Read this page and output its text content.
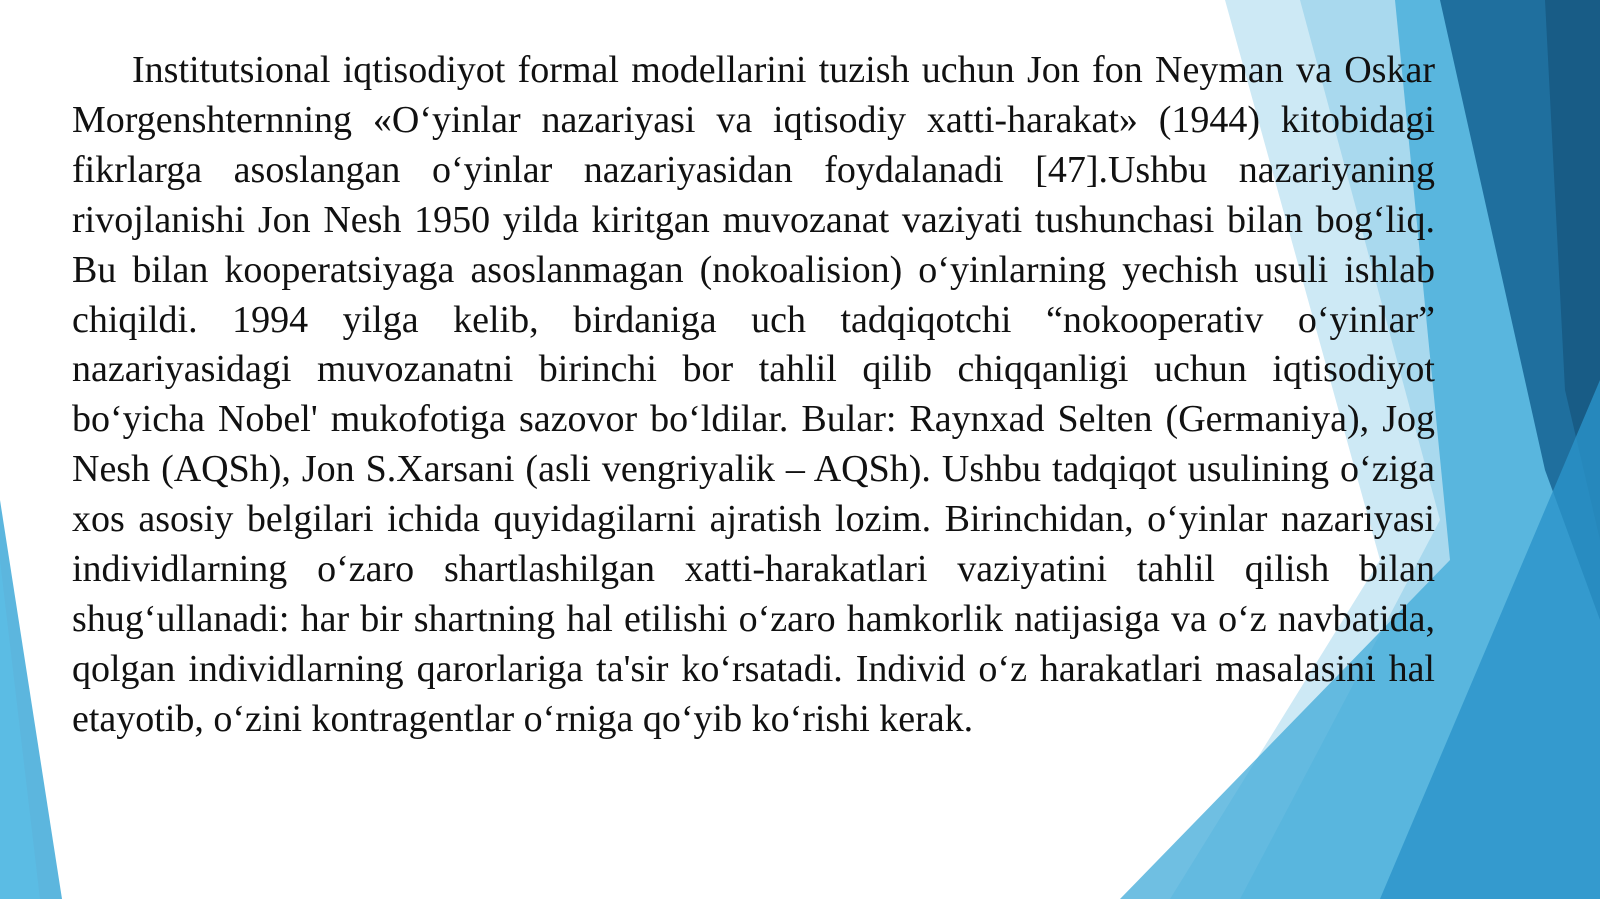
Institutsional iqtisodiyot formal modellarini tuzish uchun Jon fon Neyman va Oskar Morgenshternning «O‘yinlar nazariyasi va iqtisodiy xatti-harakat» (1944) kitobidagi fikrlarga asoslangan o‘yinlar nazariyasidan foydalanadi [47].Ushbu nazariyaning rivojlanishi Jon Nesh 1950 yilda kiritgan muvozanat vaziyati tushunchasi bilan bog‘liq. Bu bilan kooperatsiyaga asoslanmagan (nokoalision) o‘yinlarning yechish usuli ishlab chiqildi. 1994 yilga kelib, birdaniga uch tadqiqotchi “nokooperativ o‘yinlar” nazariyasidagi muvozanatni birinchi bor tahlil qilib chiqqanligi uchun iqtisodiyot bo‘yicha Nobel' mukofotiga sazovor bo‘ldilar. Bular: Raynxad Selten (Germaniya), Jog Nesh (AQSh), Jon S.Xarsani (asli vengriyalik – AQSh). Ushbu tadqiqot usulining o‘ziga xos asosiy belgilari ichida quyidagilarni ajratish lozim. Birinchidan, o‘yinlar nazariyasi individlarning o‘zaro shartlashilgan xatti-harakatlari vaziyatini tahlil qilish bilan shug‘ullanadi: har bir shartning hal etilishi o‘zaro hamkorlik natijasiga va o‘z navbatida, qolgan individlarning qarorlariga ta'sir ko‘rsatadi. Individ o‘z harakatlari masalasini hal etayotib, o‘zini kontragentlar o‘rniga qo‘yib ko‘rishi kerak.
